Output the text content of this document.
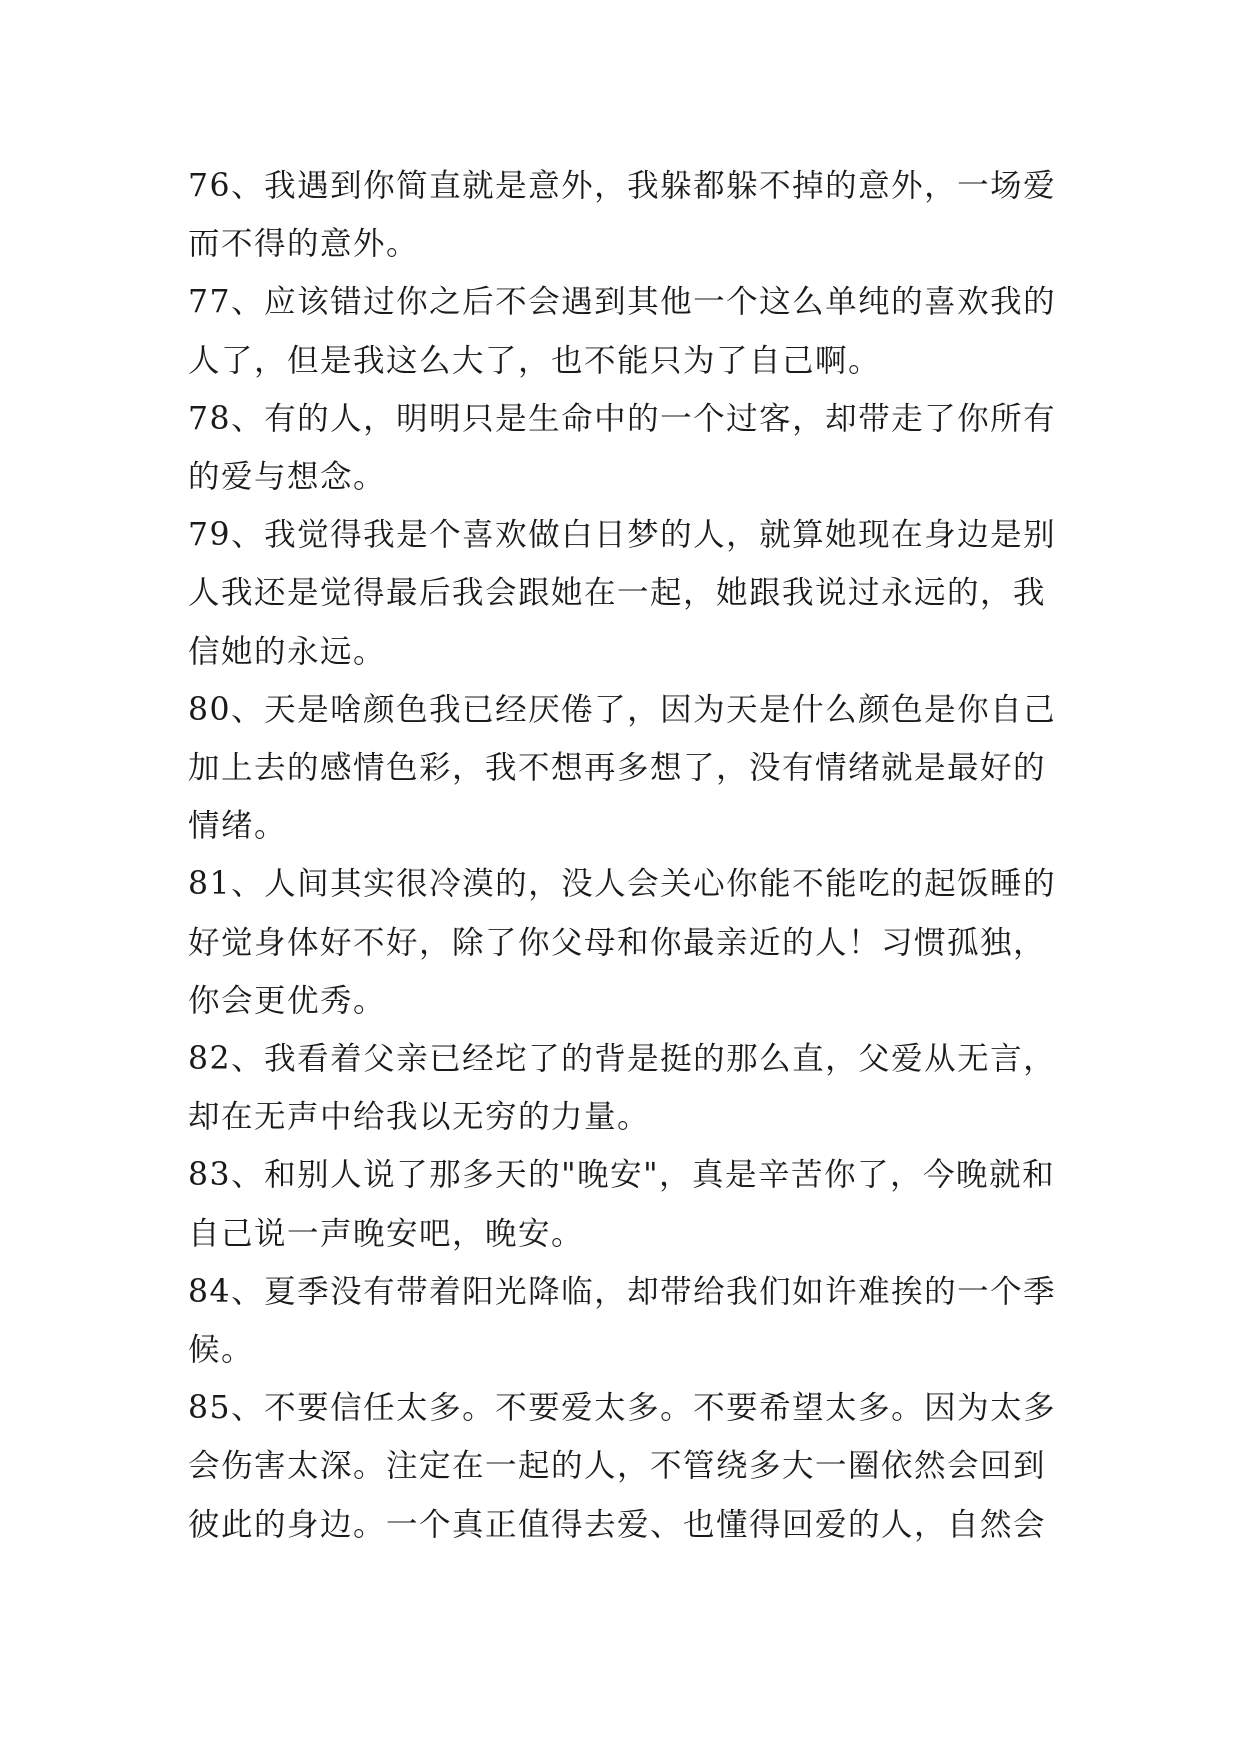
76、我遇到你简直就是意外，我躲都躲不掉的意外，一场爱
而不得的意外。

77、应该错过你之后不会遇到其他一个这么单纯的喜欢我的
人了，但是我这么大了，也不能只为了自己啊。

78、有的人，明明只是生命中的一个过客，却带走了你所有
的爱与想念。

79、我觉得我是个喜欢做白日梦的人，就算她现在身边是别
人我还是觉得最后我会跟她在一起，她跟我说过永远的，我
信她的永远。

80、天是啥颜色我已经厌倦了，因为天是什么颜色是你自己
加上去的感情色彩，我不想再多想了，没有情绪就是最好的
情绪。

81、人间其实很冷漠的，没人会关心你能不能吃的起饭睡的
好觉身体好不好，除了你父母和你最亲近的人！习惯孤独，
你会更优秀。

82、我看着父亲已经坨了的背是挺的那么直，父爱从无言，
却在无声中给我以无穷的力量。

83、和别人说了那多天的"晚安"，真是辛苦你了，今晚就和
自己说一声晚安吧，晚安。

84、夏季没有带着阳光降临，却带给我们如许难挨的一个季
候。

85、不要信任太多。不要爱太多。不要希望太多。因为太多
会伤害太深。注定在一起的人，不管绕多大一圈依然会回到
彼此的身边。一个真正值得去爱、也懂得回爱的人，自然会
